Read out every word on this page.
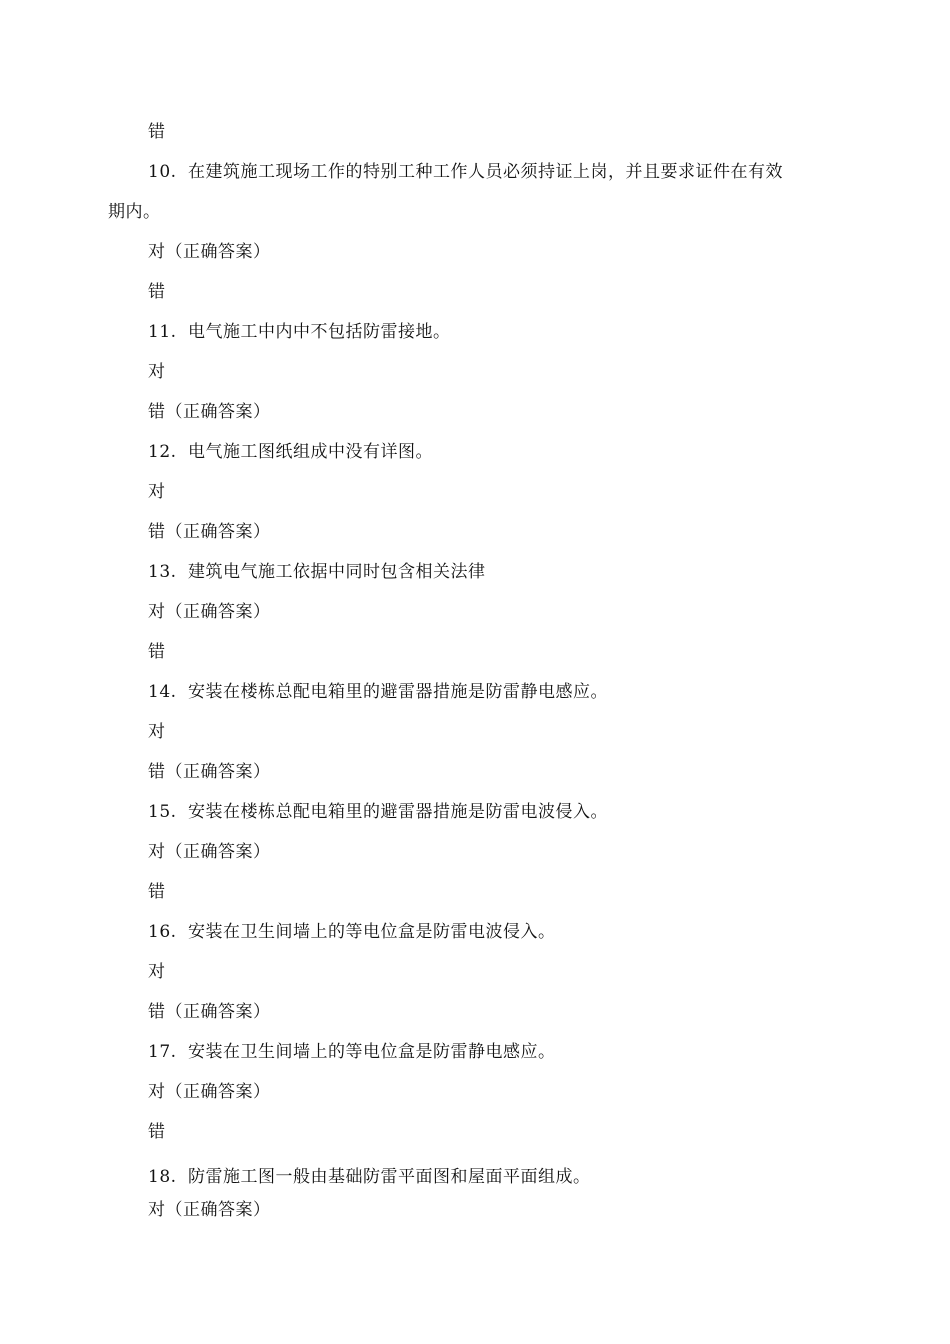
错
10. 在建筑施工现场工作的特别工种工作人员必须持证上岗，并且要求证件在有效
期内。
对（正确答案）
错
11. 电气施工中内中不包括防雷接地。
对
错（正确答案）
12. 电气施工图纸组成中没有详图。
对
错（正确答案）
13. 建筑电气施工依据中同时包含相关法律
对（正确答案）
错
14. 安装在楼栋总配电箱里的避雷器措施是防雷静电感应。
对
错（正确答案）
15. 安装在楼栋总配电箱里的避雷器措施是防雷电波侵入。
对（正确答案）
错
16. 安装在卫生间墙上的等电位盒是防雷电波侵入。
对
错（正确答案）
17. 安装在卫生间墙上的等电位盒是防雷静电感应。
对（正确答案）
错
18. 防雷施工图一般由基础防雷平面图和屋面平面组成。
对（正确答案）
